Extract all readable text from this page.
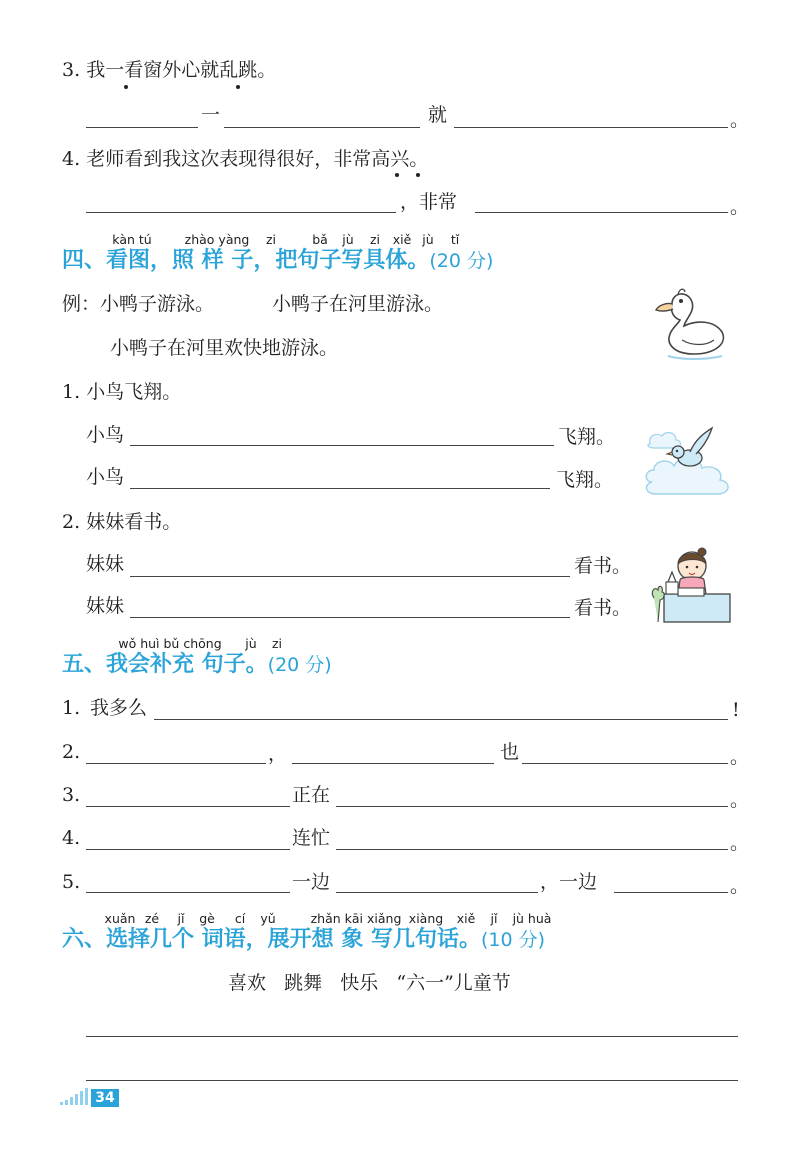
3. 我一看窗外心就乱跳。
一	就	。
4. 老师看到我这次表现得很好，非常高兴。
，非常	。
kàn tú	zhào yàng zi	bǎ jù zi xiě jù tǐ
四、看图，照 样 子，把句子写具体。(20 分)
例：小鸭子游泳。	小鸭子在河里游泳。
小鸭子在河里欢快地游泳。
1. 小鸟飞翔。
小鸟	飞翔。
小鸟	飞翔。
2. 妹妹看书。
妹妹	看书。
妹妹	看书。
wǒ huì bǔ chōng jù zi
五、我会补充 句子。(20 分)
1. 我多么	!
2.	，	也	。
3.	正在	。
4.	连忙	。
5.	一边	，一边	。
xuǎn zé jǐ gè cí yǔ	zhǎn kāi xiǎng xiàng xiě jǐ jù huà
六、选择几个 词语，展开想 象 写几句话。(10 分)
喜欢   跳舞   快乐   “六一”儿童节
34
